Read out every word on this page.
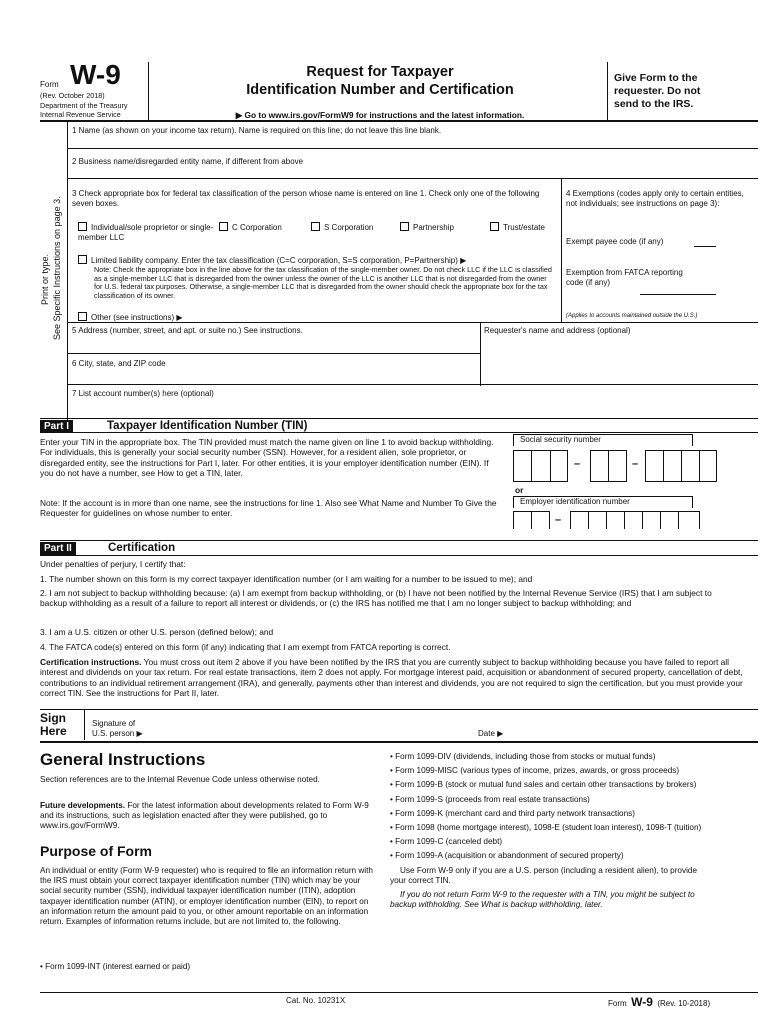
Form W-9
(Rev. October 2018)
Department of the Treasury
Internal Revenue Service
Request for Taxpayer
Identification Number and Certification
▶ Go to www.irs.gov/FormW9 for instructions and the latest information.
Give Form to the requester. Do not send to the IRS.
Print or type. See Specific Instructions on page 3.
1 Name (as shown on your income tax return). Name is required on this line; do not leave this line blank.
2 Business name/disregarded entity name, if different from above
3 Check appropriate box for federal tax classification of the person whose name is entered on line 1. Check only one of the following seven boxes.
Individual/sole proprietor or single-member LLC
C Corporation	S Corporation	Partnership	Trust/estate
Limited liability company. Enter the tax classification (C=C corporation, S=S corporation, P=Partnership) ▶
Note: Check the appropriate box in the line above for the tax classification of the single-member owner. Do not check LLC if the LLC is classified as a single-member LLC that is disregarded from the owner unless the owner of the LLC is another LLC that is not disregarded from the owner for U.S. federal tax purposes. Otherwise, a single-member LLC that is disregarded from the owner should check the appropriate box for the tax classification of its owner.
Other (see instructions) ▶
4 Exemptions (codes apply only to certain entities, not individuals; see instructions on page 3):
Exempt payee code (if any)
Exemption from FATCA reporting code (if any)
(Applies to accounts maintained outside the U.S.)
5 Address (number, street, and apt. or suite no.) See instructions.	Requester's name and address (optional)
6 City, state, and ZIP code
7 List account number(s) here (optional)
Part I	Taxpayer Identification Number (TIN)
Enter your TIN in the appropriate box. The TIN provided must match the name given on line 1 to avoid backup withholding. For individuals, this is generally your social security number (SSN). However, for a resident alien, sole proprietor, or disregarded entity, see the instructions for Part I, later. For other entities, it is your employer identification number (EIN). If you do not have a number, see How to get a TIN, later.
Note: If the account is in more than one name, see the instructions for line 1. Also see What Name and Number To Give the Requester for guidelines on whose number to enter.
Social security number
–	–
or
Employer identification number
–
Part II	Certification
Under penalties of perjury, I certify that:
1. The number shown on this form is my correct taxpayer identification number (or I am waiting for a number to be issued to me); and
2. I am not subject to backup withholding because: (a) I am exempt from backup withholding, or (b) I have not been notified by the Internal Revenue Service (IRS) that I am subject to backup withholding as a result of a failure to report all interest or dividends, or (c) the IRS has notified me that I am no longer subject to backup withholding; and
3. I am a U.S. citizen or other U.S. person (defined below); and
4. The FATCA code(s) entered on this form (if any) indicating that I am exempt from FATCA reporting is correct.
Certification instructions. You must cross out item 2 above if you have been notified by the IRS that you are currently subject to backup withholding because you have failed to report all interest and dividends on your tax return. For real estate transactions, item 2 does not apply. For mortgage interest paid, acquisition or abandonment of secured property, cancellation of debt, contributions to an individual retirement arrangement (IRA), and generally, payments other than interest and dividends, you are not required to sign the certification, but you must provide your correct TIN. See the instructions for Part II, later.
Sign
Here
Signature of
U.S. person ▶	Date ▶
General Instructions
Section references are to the Internal Revenue Code unless otherwise noted.
Future developments. For the latest information about developments related to Form W-9 and its instructions, such as legislation enacted after they were published, go to www.irs.gov/FormW9.
Purpose of Form
An individual or entity (Form W-9 requester) who is required to file an information return with the IRS must obtain your correct taxpayer identification number (TIN) which may be your social security number (SSN), individual taxpayer identification number (ITIN), adoption taxpayer identification number (ATIN), or employer identification number (EIN), to report on an information return the amount paid to you, or other amount reportable on an information return. Examples of information returns include, but are not limited to, the following.
• Form 1099-INT (interest earned or paid)
• Form 1099-DIV (dividends, including those from stocks or mutual funds)
• Form 1099-MISC (various types of income, prizes, awards, or gross proceeds)
• Form 1099-B (stock or mutual fund sales and certain other transactions by brokers)
• Form 1099-S (proceeds from real estate transactions)
• Form 1099-K (merchant card and third party network transactions)
• Form 1098 (home mortgage interest), 1098-E (student loan interest), 1098-T (tuition)
• Form 1099-C (canceled debt)
• Form 1099-A (acquisition or abandonment of secured property)
Use Form W-9 only if you are a U.S. person (including a resident alien), to provide your correct TIN.
If you do not return Form W-9 to the requester with a TIN, you might be subject to backup withholding. See What is backup withholding, later.
Cat. No. 10231X	Form W-9 (Rev. 10-2018)
